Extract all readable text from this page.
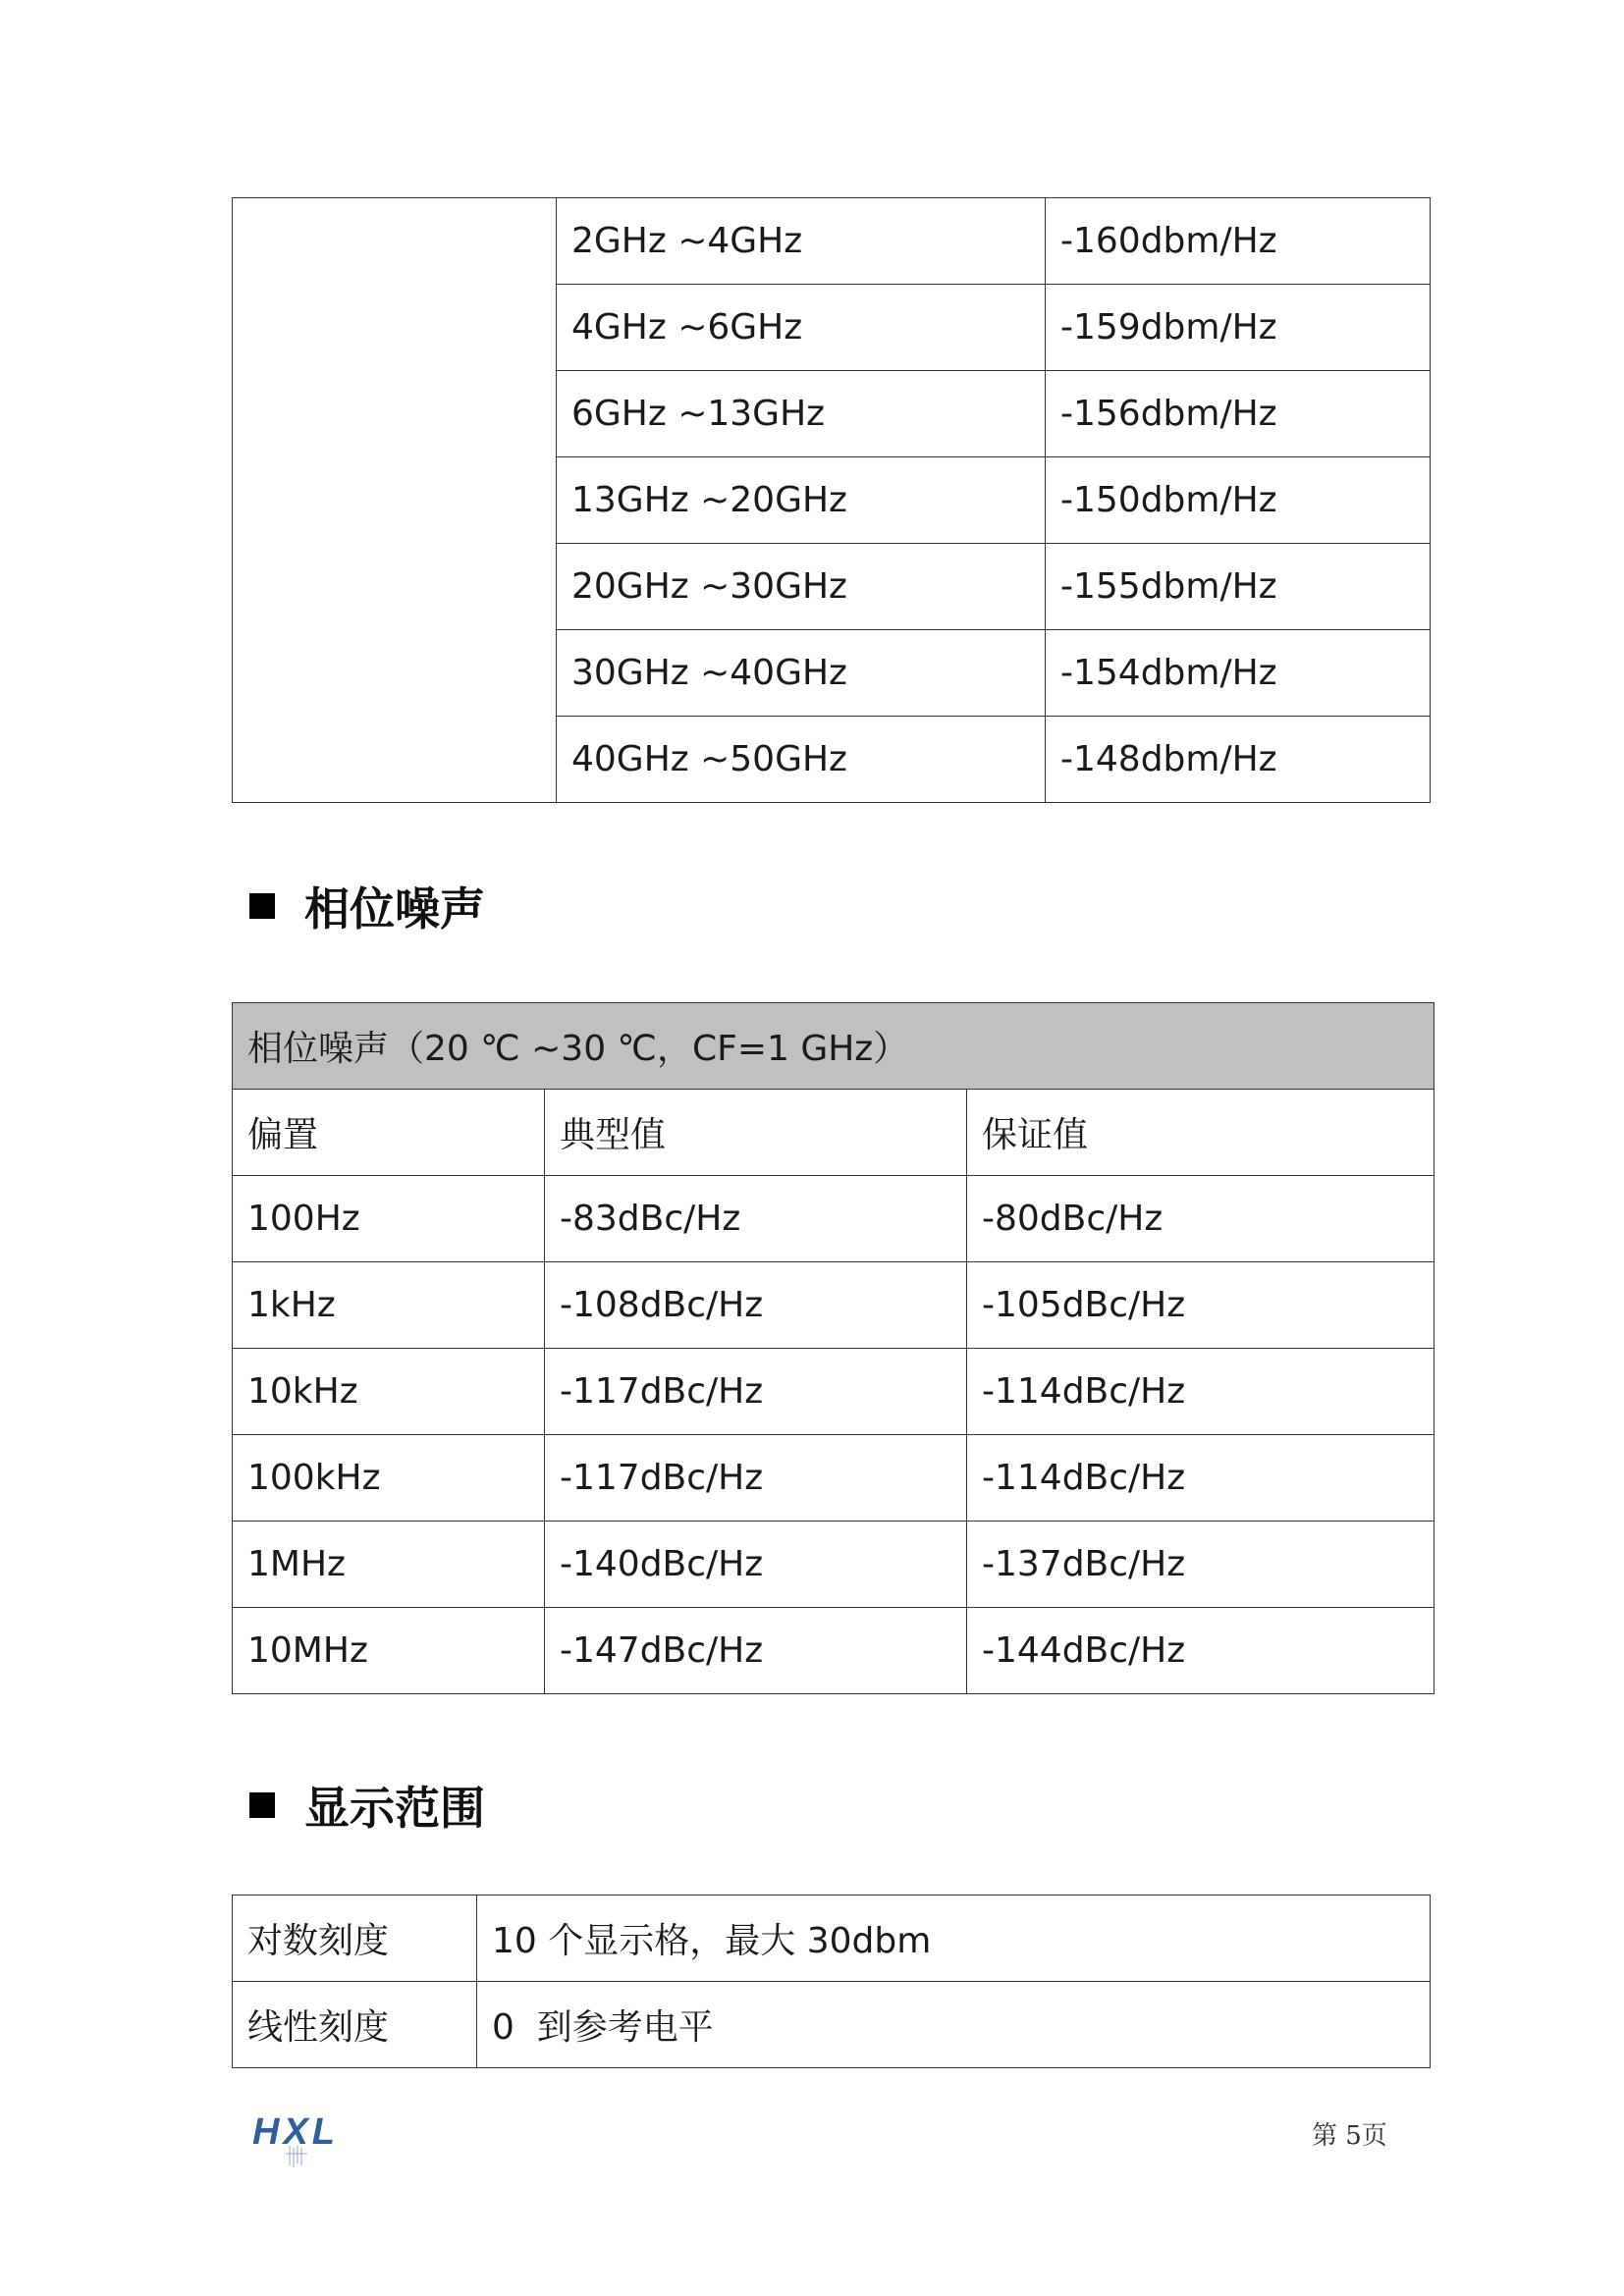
	2GHz ~4GHz	-160dbm/Hz
	4GHz ~6GHz	-159dbm/Hz
	6GHz ~13GHz	-156dbm/Hz
	13GHz ~20GHz	-150dbm/Hz
	20GHz ~30GHz	-155dbm/Hz
	30GHz ~40GHz	-154dbm/Hz
	40GHz ~50GHz	-148dbm/Hz
相位噪声
相位噪声（20 ℃ ~30 ℃，CF=1 GHz）		
偏置	典型值	保证值
100Hz	-83dBc/Hz	-80dBc/Hz
1kHz	-108dBc/Hz	-105dBc/Hz
10kHz	-117dBc/Hz	-114dBc/Hz
100kHz	-117dBc/Hz	-114dBc/Hz
1MHz	-140dBc/Hz	-137dBc/Hz
10MHz	-147dBc/Hz	-144dBc/Hz
显示范围
对数刻度	10 个显示格，最大 30dbm
线性刻度	0  到参考电平
HXL	第 5页
